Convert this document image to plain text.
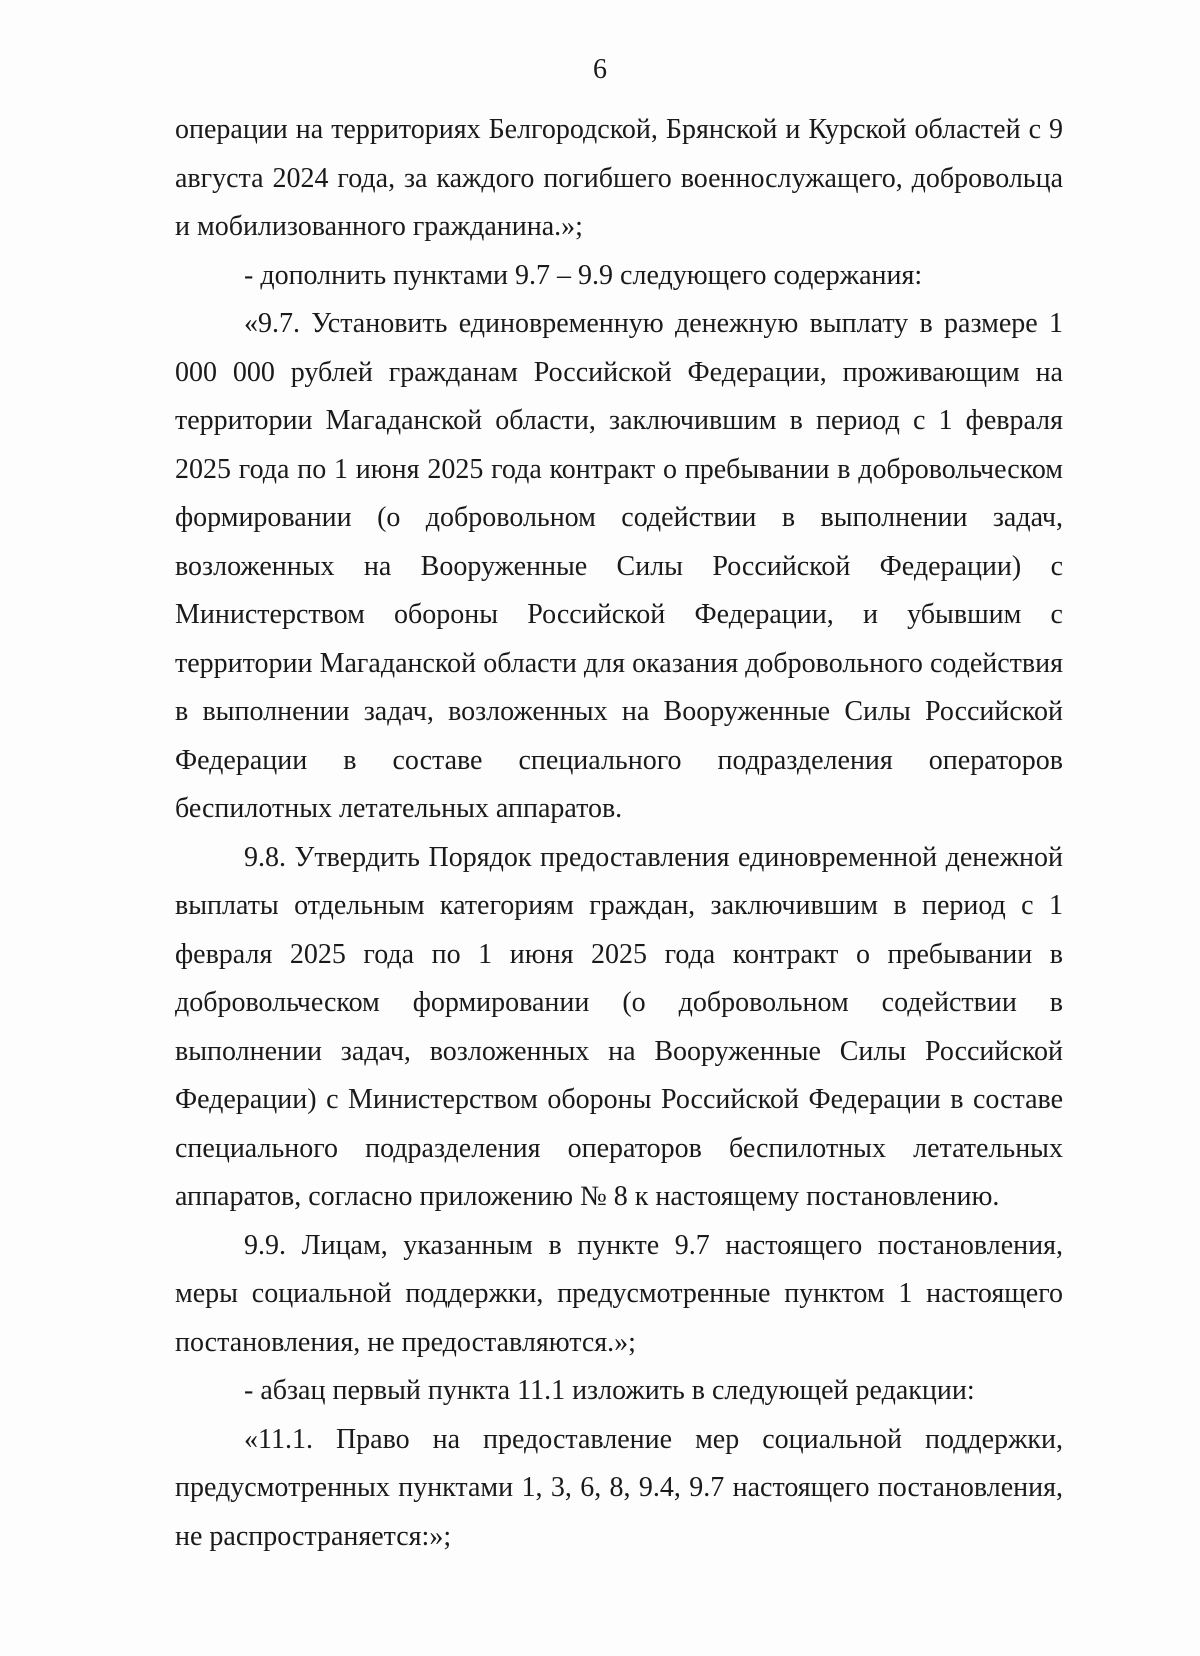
6

операции на территориях Белгородской, Брянской и Курской областей с 9 августа 2024 года, за каждого погибшего военнослужащего, добровольца и мобилизованного гражданина.»;

- дополнить пунктами 9.7 – 9.9 следующего содержания:

«9.7. Установить единовременную денежную выплату в размере 1 000 000 рублей гражданам Российской Федерации, проживающим на территории Магаданской области, заключившим в период с 1 февраля 2025 года по 1 июня 2025 года контракт о пребывании в добровольческом формировании (о добровольном содействии в выполнении задач, возложенных на Вооруженные Силы Российской Федерации) с Министерством обороны Российской Федерации, и убывшим с территории Магаданской области для оказания добровольного содействия в выполнении задач, возложенных на Вооруженные Силы Российской Федерации в составе специального подразделения операторов беспилотных летательных аппаратов.

9.8. Утвердить Порядок предоставления единовременной денежной выплаты отдельным категориям граждан, заключившим в период с 1 февраля 2025 года по 1 июня 2025 года контракт о пребывании в добровольческом формировании (о добровольном содействии в выполнении задач, возложенных на Вооруженные Силы Российской Федерации) с Министерством обороны Российской Федерации в составе специального подразделения операторов беспилотных летательных аппаратов, согласно приложению № 8 к настоящему постановлению.

9.9. Лицам, указанным в пункте 9.7 настоящего постановления, меры социальной поддержки, предусмотренные пунктом 1 настоящего постановления, не предоставляются.»;

- абзац первый пункта 11.1 изложить в следующей редакции:

«11.1. Право на предоставление мер социальной поддержки, предусмотренных пунктами 1, 3, 6, 8, 9.4, 9.7 настоящего постановления, не распространяется:»;
